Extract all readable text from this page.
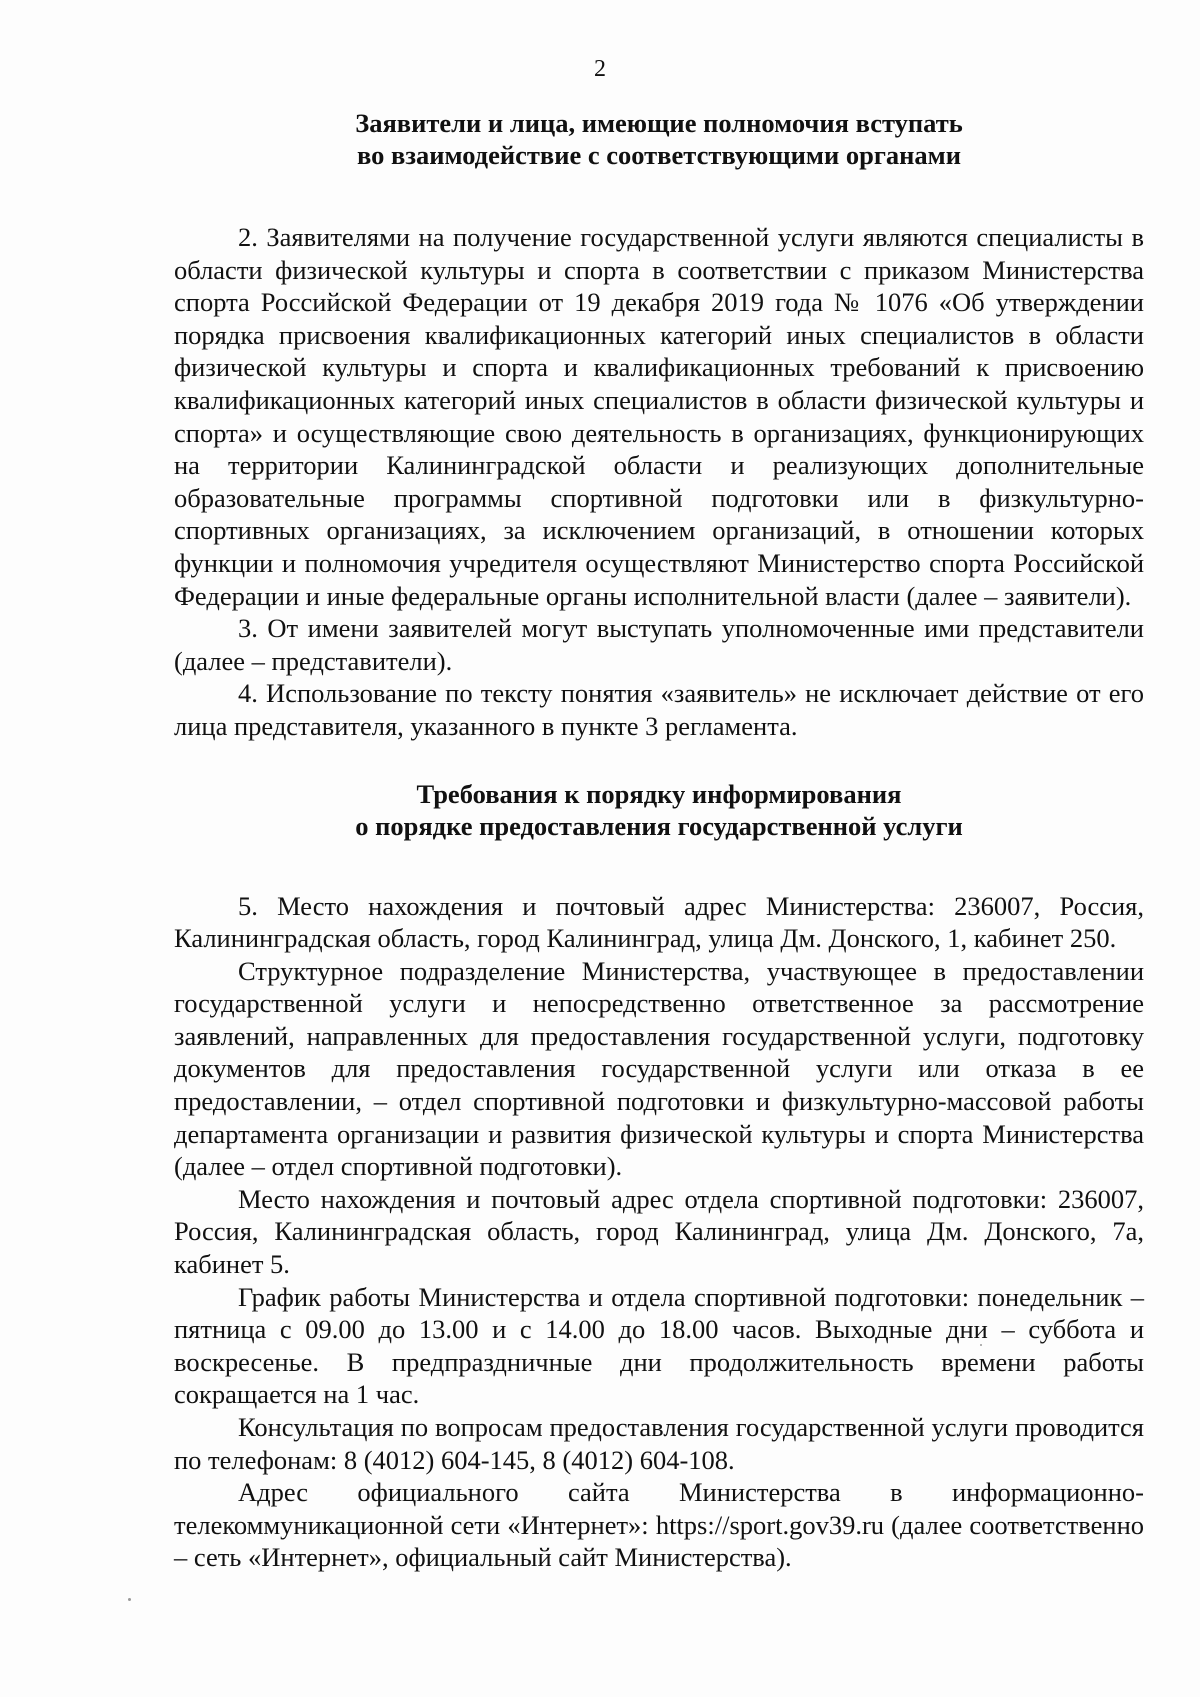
2
Заявители и лица, имеющие полномочия вступать
во взаимодействие с соответствующими органами

2. Заявителями на получение государственной услуги являются специалисты в области физической культуры и спорта в соответствии с приказом Министерства спорта Российской Федерации от 19 декабря 2019 года № 1076 «Об утверждении порядка присвоения квалификационных категорий иных специалистов в области физической культуры и спорта и квалификационных требований к присвоению квалификационных категорий иных специалистов в области физической культуры и спорта» и осуществляющие свою деятельность в организациях, функционирующих на территории Калининградской области и реализующих дополнительные образовательные программы спортивной подготовки или в физкультурно-спортивных организациях, за исключением организаций, в отношении которых функции и полномочия учредителя осуществляют Министерство спорта Российской Федерации и иные федеральные органы исполнительной власти (далее – заявители).

3. От имени заявителей могут выступать уполномоченные ими представители (далее – представители).

4. Использование по тексту понятия «заявитель» не исключает действие от его лица представителя, указанного в пункте 3 регламента.

Требования к порядку информирования
о порядке предоставления государственной услуги

5. Место нахождения и почтовый адрес Министерства: 236007, Россия, Калининградская область, город Калининград, улица Дм. Донского, 1, кабинет 250.

Структурное подразделение Министерства, участвующее в предоставлении государственной услуги и непосредственно ответственное за рассмотрение заявлений, направленных для предоставления государственной услуги, подготовку документов для предоставления государственной услуги или отказа в ее предоставлении, – отдел спортивной подготовки и физкультурно-массовой работы департамента организации и развития физической культуры и спорта Министерства (далее – отдел спортивной подготовки).

Место нахождения и почтовый адрес отдела спортивной подготовки: 236007, Россия, Калининградская область, город Калининград, улица Дм. Донского, 7а, кабинет 5.

График работы Министерства и отдела спортивной подготовки: понедельник – пятница с 09.00 до 13.00 и с 14.00 до 18.00 часов. Выходные дни – суббота и воскресенье. В предпраздничные дни продолжительность времени работы сокращается на 1 час.

Консультация по вопросам предоставления государственной услуги проводится по телефонам: 8 (4012) 604-145, 8 (4012) 604-108.

Адрес официального сайта Министерства в информационно-телекоммуникационной сети «Интернет»: https://sport.gov39.ru (далее соответственно – сеть «Интернет», официальный сайт Министерства).
